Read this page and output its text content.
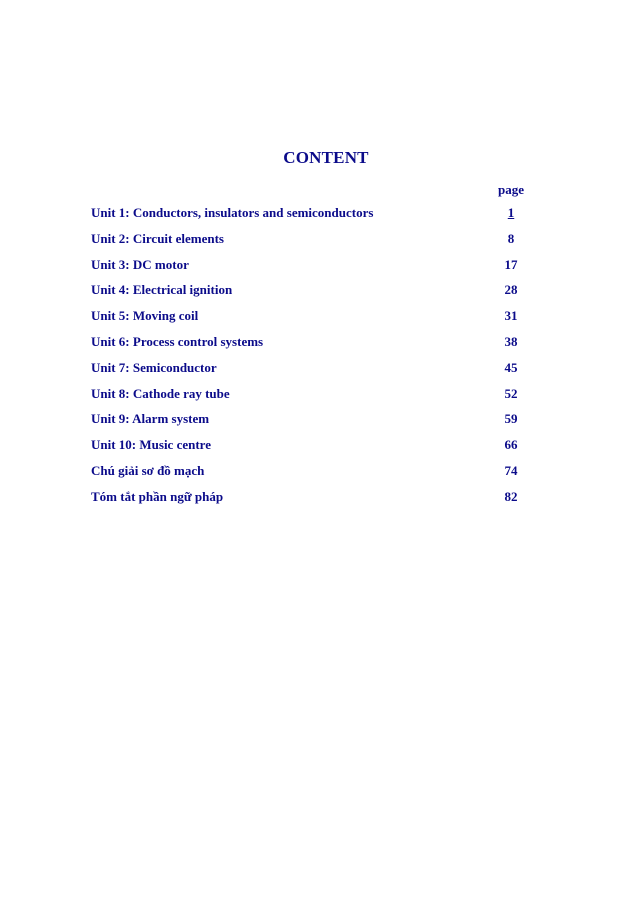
CONTENT
page
Unit 1: Conductors, insulators and semiconductors	1
Unit 2: Circuit elements	8
Unit 3: DC motor	17
Unit 4: Electrical ignition	28
Unit 5: Moving coil	31
Unit 6: Process control systems	38
Unit 7: Semiconductor	45
Unit 8: Cathode ray tube	52
Unit 9: Alarm system	59
Unit 10: Music centre	66
Chú giải sơ đồ mạch	74
Tóm tắt phần ngữ pháp	82
